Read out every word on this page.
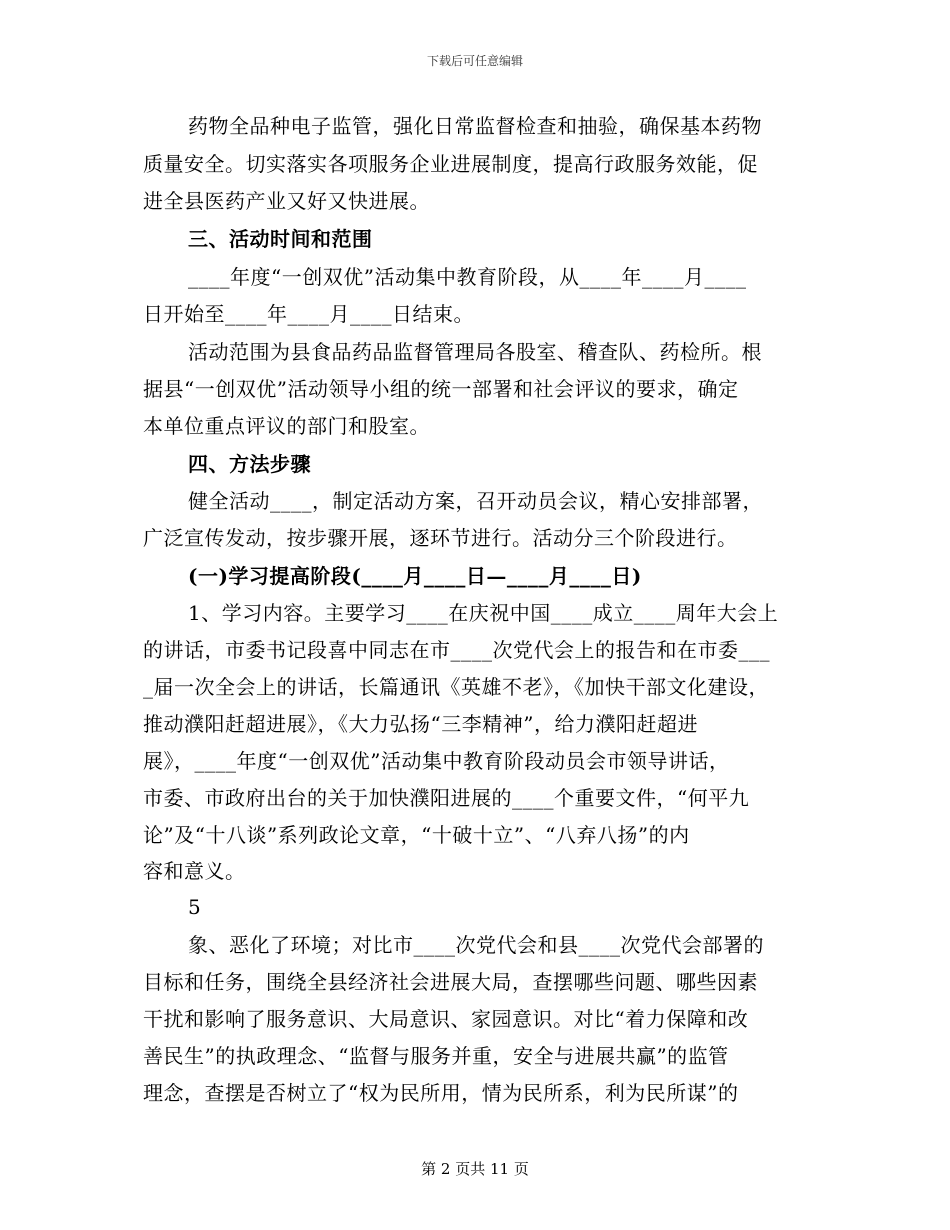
下载后可任意编辑
药物全品种电子监管，强化日常监督检查和抽验，确保基本药物
质量安全。切实落实各项服务企业进展制度，提高行政服务效能，促
进全县医药产业又好又快进展。
三、活动时间和范围
____年度“一创双优”活动集中教育阶段，从____年____月____
日开始至____年____月____日结束。
活动范围为县食品药品监督管理局各股室、稽查队、药检所。根
据县“一创双优”活动领导小组的统一部署和社会评议的要求，确定
本单位重点评议的部门和股室。
四、方法步骤
健全活动____，制定活动方案，召开动员会议，精心安排部署，
广泛宣传发动，按步骤开展，逐环节进行。活动分三个阶段进行。
(一)学习提高阶段(____月____日—____月____日)
1、学习内容。主要学习____在庆祝中国____成立____周年大会上
的讲话，市委书记段喜中同志在市____次党代会上的报告和在市委___
_届一次全会上的讲话，长篇通讯《英雄不老》，《加快干部文化建设，
推动濮阳赶超进展》，《大力弘扬“三李精神”，给力濮阳赶超进
展》，____年度“一创双优”活动集中教育阶段动员会市领导讲话，
市委、市政府出台的关于加快濮阳进展的____个重要文件，“何平九
论”及“十八谈”系列政论文章，“十破十立”、“八弃八扬”的内
容和意义。
5
象、恶化了环境；对比市____次党代会和县____次党代会部署的
目标和任务，围绕全县经济社会进展大局，查摆哪些问题、哪些因素
干扰和影响了服务意识、大局意识、家园意识。对比“着力保障和改
善民生”的执政理念、“监督与服务并重，安全与进展共赢”的监管
理念，查摆是否树立了“权为民所用，情为民所系，利为民所谋”的
第 2 页共 11 页
